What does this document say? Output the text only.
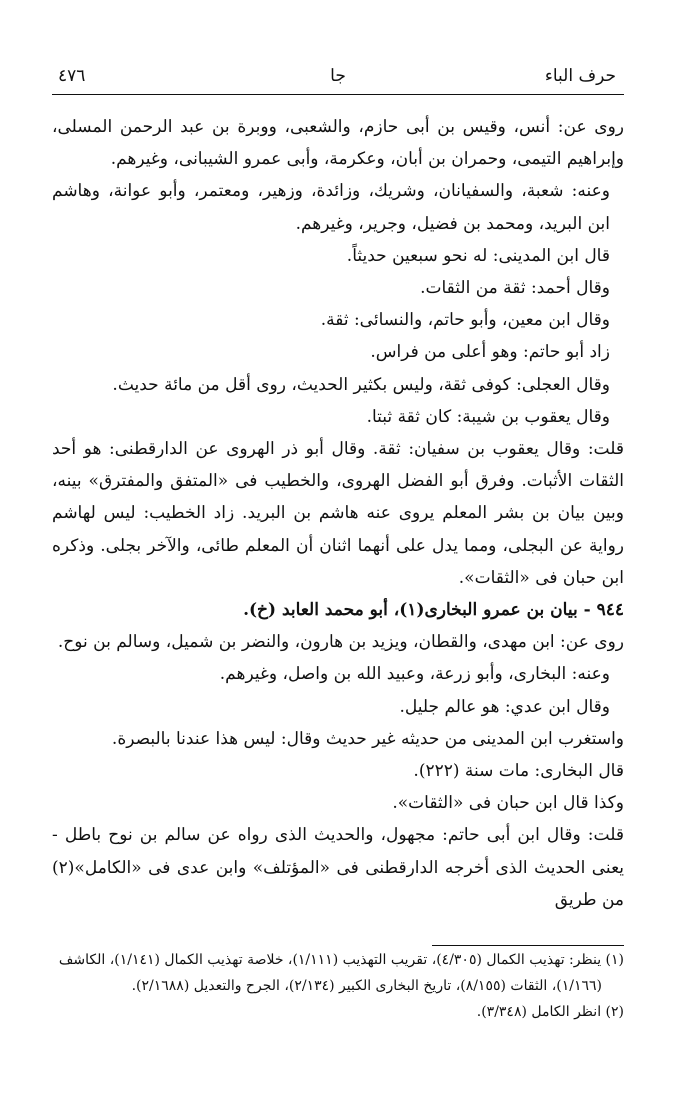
حرف الباء
جا
٤٧٦

روى عن: أنس، وقيس بن أبى حازم، والشعبى، ووبرة بن عبد الرحمن المسلى، وإبراهيم التيمى، وحمران بن أبان، وعكرمة، وأبى عمرو الشيبانى، وغيرهم.

وعنه: شعبة، والسفيانان، وشريك، وزائدة، وزهير، ومعتمر، وأبو عوانة، وهاشم ابن البريد، ومحمد بن فضيل، وجرير، وغيرهم.

قال ابن المدينى: له نحو سبعين حديثاً.

وقال أحمد: ثقة من الثقات.

وقال ابن معين، وأبو حاتم، والنسائى: ثقة.

زاد أبو حاتم: وهو أعلى من فراس.

وقال العجلى: كوفى ثقة، وليس بكثير الحديث، روى أقل من مائة حديث.

وقال يعقوب بن شيبة: كان ثقة ثبتا.

قلت: وقال يعقوب بن سفيان: ثقة. وقال أبو ذر الهروى عن الدارقطنى: هو أحد الثقات الأثبات. وفرق أبو الفضل الهروى، والخطيب فى «المتفق والمفترق» بينه، وبين بيان بن بشر المعلم يروى عنه هاشم بن البريد. زاد الخطيب: ليس لهاشم رواية عن البجلى، ومما يدل على أنهما اثنان أن المعلم طائى، والآخر بجلى. وذكره ابن حبان فى «الثقات».

٩٤٤ - بيان بن عمرو البخارى(١)، أبو محمد العابد (خ).

روى عن: ابن مهدى، والقطان، ويزيد بن هارون، والنضر بن شميل، وسالم بن نوح.

وعنه: البخارى، وأبو زرعة، وعبيد الله بن واصل، وغيرهم.

وقال ابن عدي: هو عالم جليل.

واستغرب ابن المدينى من حديثه غير حديث وقال: ليس هذا عندنا بالبصرة.

قال البخارى: مات سنة (٢٢٢).

وكذا قال ابن حبان فى «الثقات».

قلت: وقال ابن أبى حاتم: مجهول، والحديث الذى رواه عن سالم بن نوح باطل - يعنى الحديث الذى أخرجه الدارقطنى فى «المؤتلف» وابن عدى فى «الكامل»(٢) من طريق

(١) ينظر: تهذيب الكمال (٤/٣٠٥)، تقريب التهذيب (١/١١١)، خلاصة تهذيب الكمال (١/١٤١)، الكاشف (١/١٦٦)، الثقات (٨/١٥٥)، تاريخ البخارى الكبير (٢/١٣٤)، الجرح والتعديل (٢/١٦٨٨).

(٢) انظر الكامل (٣/٣٤٨).
